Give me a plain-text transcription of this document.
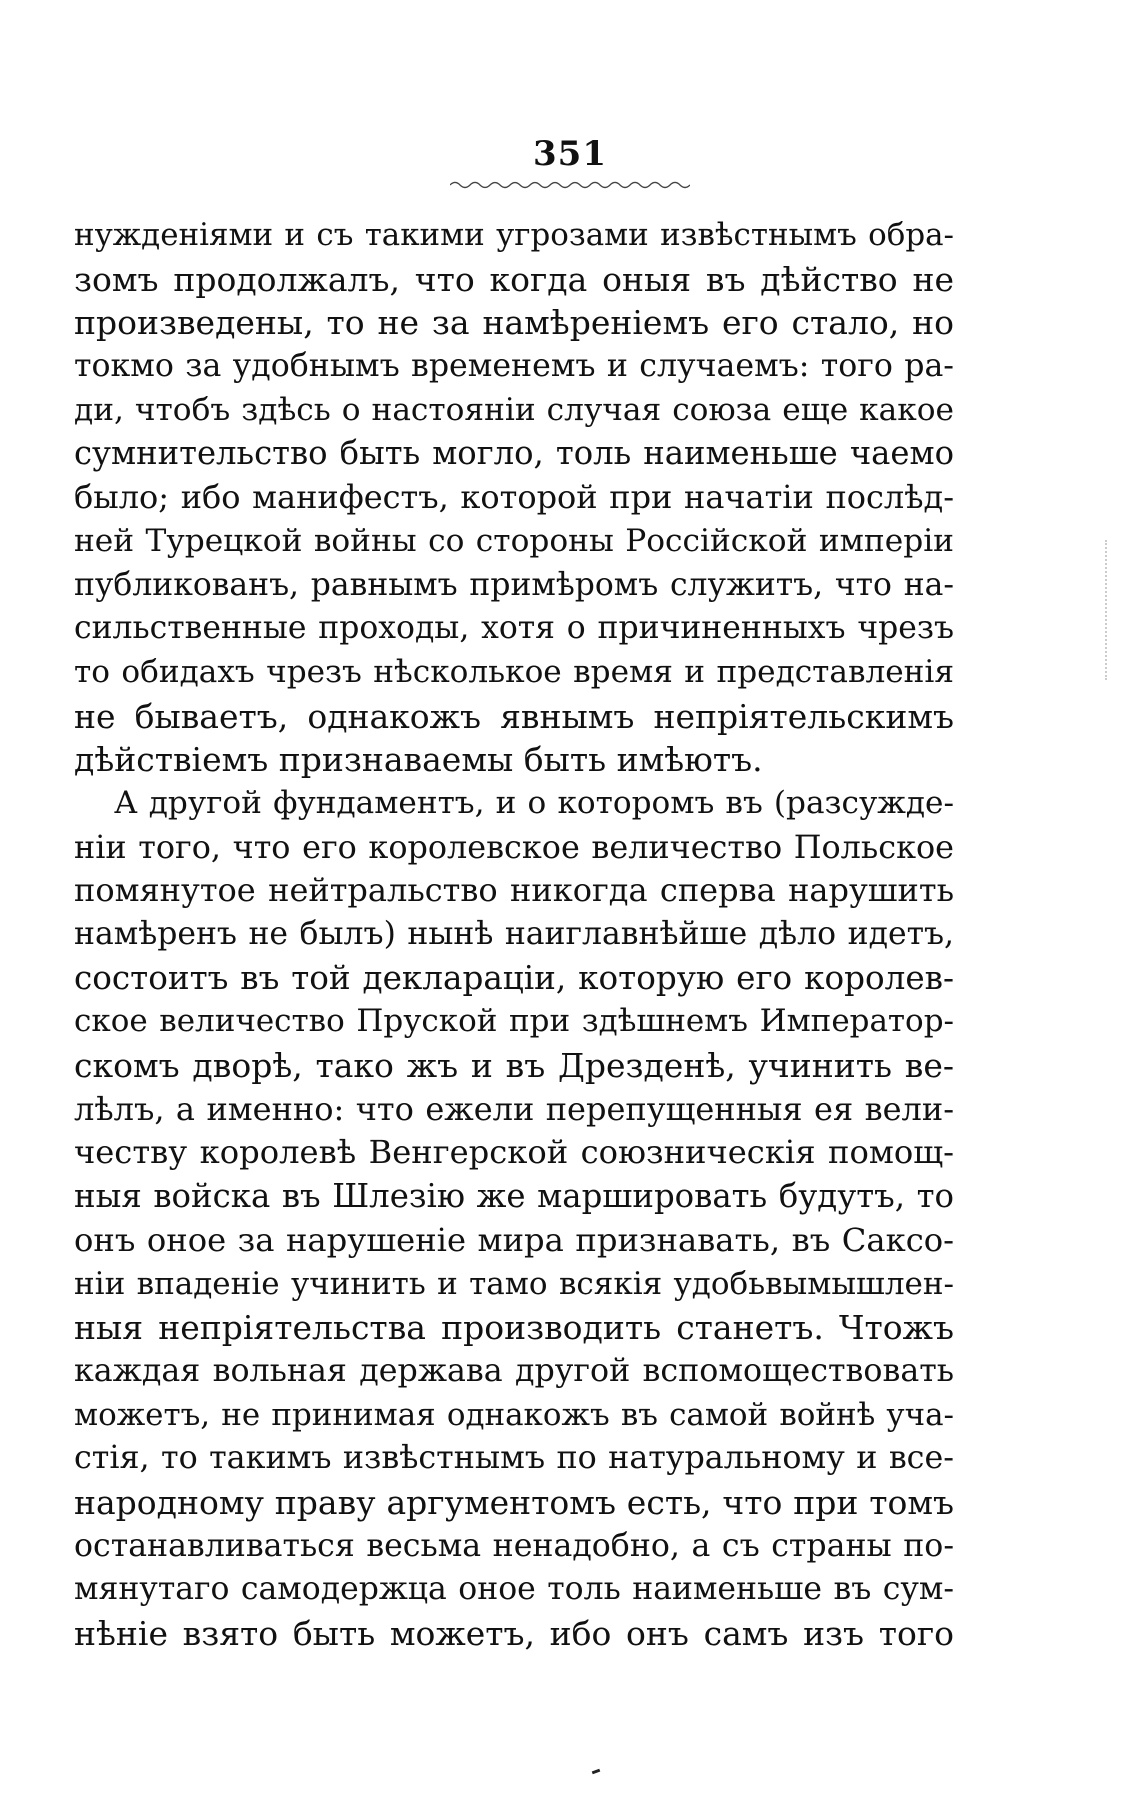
351
нужденіями и съ такими угрозами извѣстнымъ обра-
зомъ продолжалъ, что когда оныя въ дѣйство не
произведены, то не за намѣреніемъ его стало, но
токмо за удобнымъ временемъ и случаемъ: того ра-
ди, чтобъ здѣсь о настояніи случая союза еще какое
сумнительство быть могло, толь наименьше чаемо
было; ибо манифестъ, которой при начатіи послѣд-
ней Турецкой войны со стороны Россійской имперіи
публикованъ, равнымъ примѣромъ служитъ, что на-
сильственные проходы, хотя о причиненныхъ чрезъ
то обидахъ чрезъ нѣсколькое время и представленія
не бываетъ, однакожъ явнымъ непріятельскимъ
дѣйствіемъ признаваемы быть имѣютъ.
А другой фундаментъ, и о которомъ въ (разсужде-
ніи того, что его королевское величество Польское
помянутое нейтральство никогда сперва нарушить
намѣренъ не былъ) нынѣ наиглавнѣйше дѣло идетъ,
состоитъ въ той декларацiи, которую его королев-
ское величество Пруской при здѣшнемъ Император-
скомъ дворѣ, тако жъ и въ Дрезденѣ, учинить ве-
лѣлъ, а именно: что ежели перепущенныя ея вели-
честву королевѣ Венгерской союзническія помощ-
ныя войска въ Шлезію же маршировать будутъ, то
онъ оное за нарушеніе мира признавать, въ Саксо-
ніи впаденіе учинить и тамо всякія удобьвымышлен-
ныя непріятельства производить станетъ. Чтожъ
каждая вольная держава другой вспомоществовать
можетъ, не принимая однакожъ въ самой войнѣ уча-
стія, то такимъ извѣстнымъ по натуральному и все-
народному праву аргументомъ есть, что при томъ
останавливаться весьма ненадобно, а съ страны по-
мянутаго самодержца оное толь наименьше въ сум-
нѣніе взято быть можетъ, ибо онъ самъ изъ того
